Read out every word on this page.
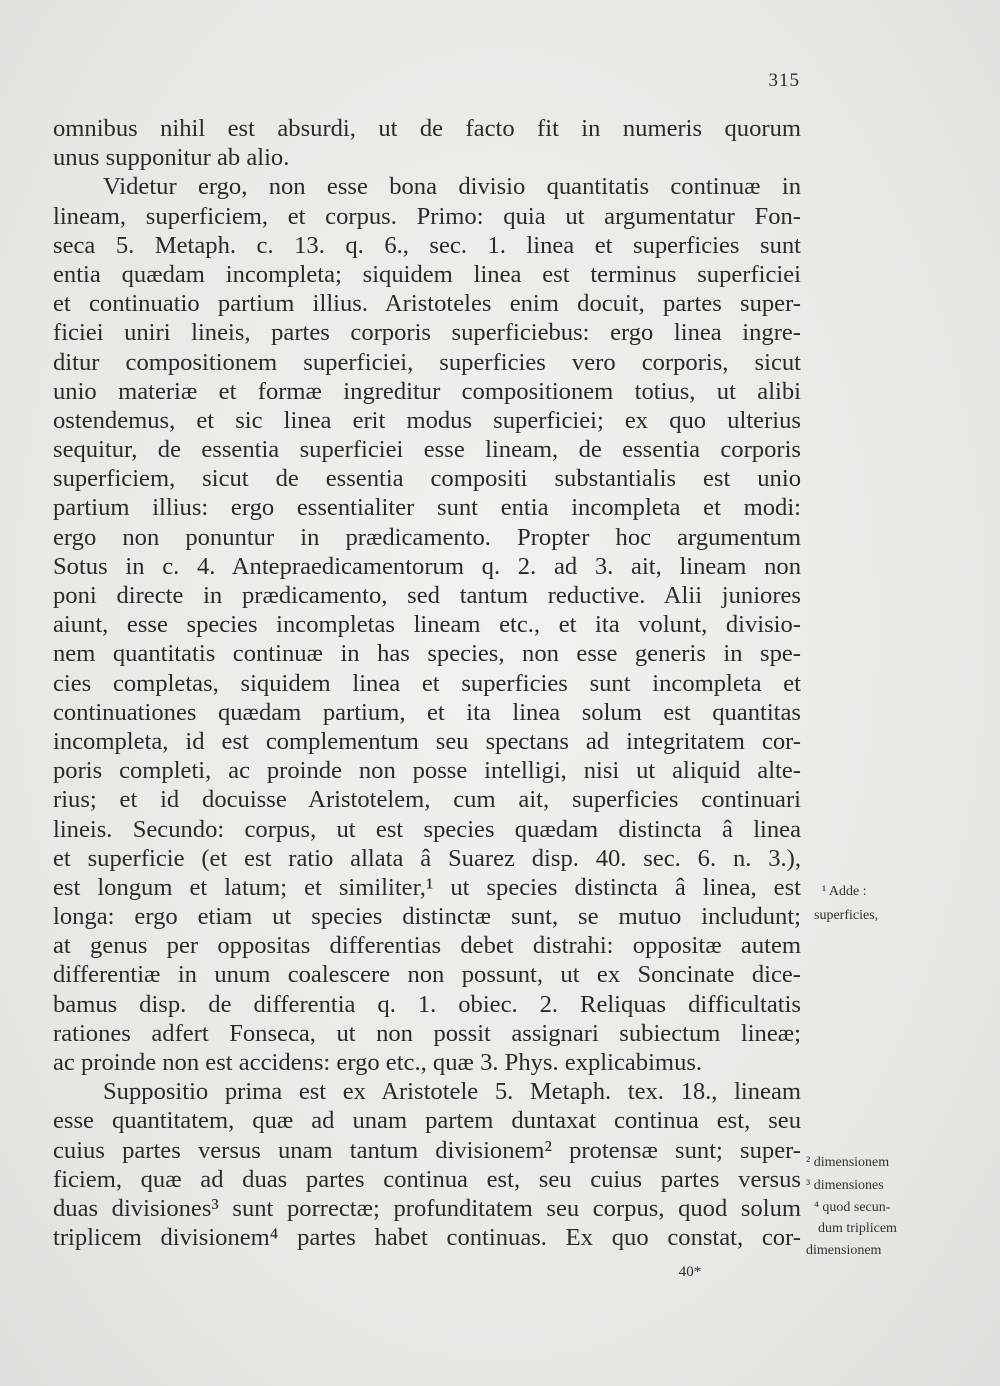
315
omnibus nihil est absurdi, ut de facto fit in numeris quorum
unus supponitur ab alio.
Videtur ergo, non esse bona divisio quantitatis continuæ in
lineam, superficiem, et corpus. Primo: quia ut argumentatur Fon-
seca 5. Metaph. c. 13. q. 6., sec. 1. linea et superficies sunt
entia quædam incompleta; siquidem linea est terminus superficiei
et continuatio partium illius. Aristoteles enim docuit, partes super-
ficiei uniri lineis, partes corporis superficiebus: ergo linea ingre-
ditur compositionem superficiei, superficies vero corporis, sicut
unio materiæ et formæ ingreditur compositionem totius, ut alibi
ostendemus, et sic linea erit modus superficiei; ex quo ulterius
sequitur, de essentia superficiei esse lineam, de essentia corporis
superficiem, sicut de essentia compositi substantialis est unio
partium illius: ergo essentialiter sunt entia incompleta et modi:
ergo non ponuntur in prædicamento. Propter hoc argumentum
Sotus in c. 4. Antepraedicamentorum q. 2. ad 3. ait, lineam non
poni directe in prædicamento, sed tantum reductive. Alii juniores
aiunt, esse species incompletas lineam etc., et ita volunt, divisio-
nem quantitatis continuæ in has species, non esse generis in spe-
cies completas, siquidem linea et superficies sunt incompleta et
continuationes quædam partium, et ita linea solum est quantitas
incompleta, id est complementum seu spectans ad integritatem cor-
poris completi, ac proinde non posse intelligi, nisi ut aliquid alte-
rius; et id docuisse Aristotelem, cum ait, superficies continuari
lineis. Secundo: corpus, ut est species quædam distincta â linea
et superficie (et est ratio allata â Suarez disp. 40. sec. 6. n. 3.),
est longum et latum; et similiter,¹ ut species distincta â linea, est
longa: ergo etiam ut species distinctæ sunt, se mutuo includunt;
at genus per oppositas differentias debet distrahi: oppositæ autem
differentiæ in unum coalescere non possunt, ut ex Soncinate dice-
bamus disp. de differentia q. 1. obiec. 2. Reliquas difficultatis
rationes adfert Fonseca, ut non possit assignari subiectum lineæ;
ac proinde non est accidens: ergo etc., quæ 3. Phys. explicabimus.
Suppositio prima est ex Aristotele 5. Metaph. tex. 18., lineam
esse quantitatem, quæ ad unam partem duntaxat continua est, seu
cuius partes versus unam tantum divisionem² protensæ sunt; super-
ficiem, quæ ad duas partes continua est, seu cuius partes versus
duas divisiones³ sunt porrectæ; profunditatem seu corpus, quod solum
triplicem divisionem⁴ partes habet continuas. Ex quo constat, cor-
40*
¹ Adde :
superficies,
² dimensionem
³ dimensiones
⁴ quod secun-
dum triplicem
dimensionem
